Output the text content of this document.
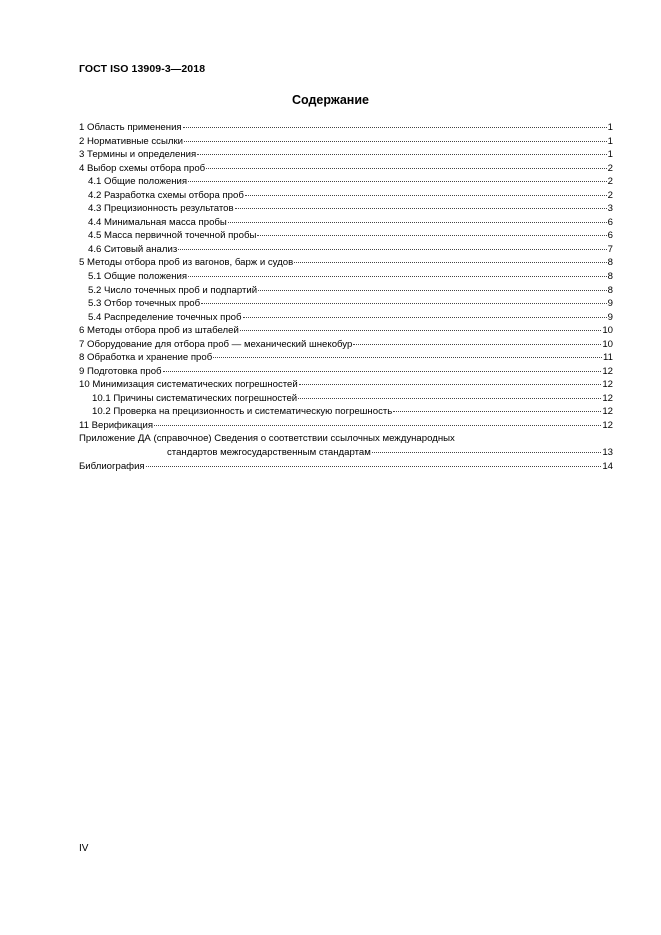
ГОСТ ISO 13909-3—2018
Содержание
1 Область применения	1
2 Нормативные ссылки	1
3 Термины и определения	1
4 Выбор схемы отбора проб	2
4.1 Общие положения	2
4.2 Разработка схемы отбора проб	2
4.3 Прецизионность результатов	3
4.4 Минимальная масса пробы	6
4.5 Масса первичной точечной пробы	6
4.6 Ситовый анализ	7
5 Методы отбора проб из вагонов, барж и судов	8
5.1 Общие положения	8
5.2 Число точечных проб и подпартий	8
5.3 Отбор точечных проб	9
5.4 Распределение точечных проб	9
6 Методы отбора проб из штабелей	10
7 Оборудование для отбора проб — механический шнекобур	10
8 Обработка и хранение проб	11
9 Подготовка проб	12
10 Минимизация систематических погрешностей	12
10.1 Причины систематических погрешностей	12
10.2 Проверка на прецизионность и систематическую погрешность	12
11 Верификация	12
Приложение ДА (справочное) Сведения о соответствии ссылочных международных
стандартов межгосударственным стандартам	13
Библиография	14
IV
